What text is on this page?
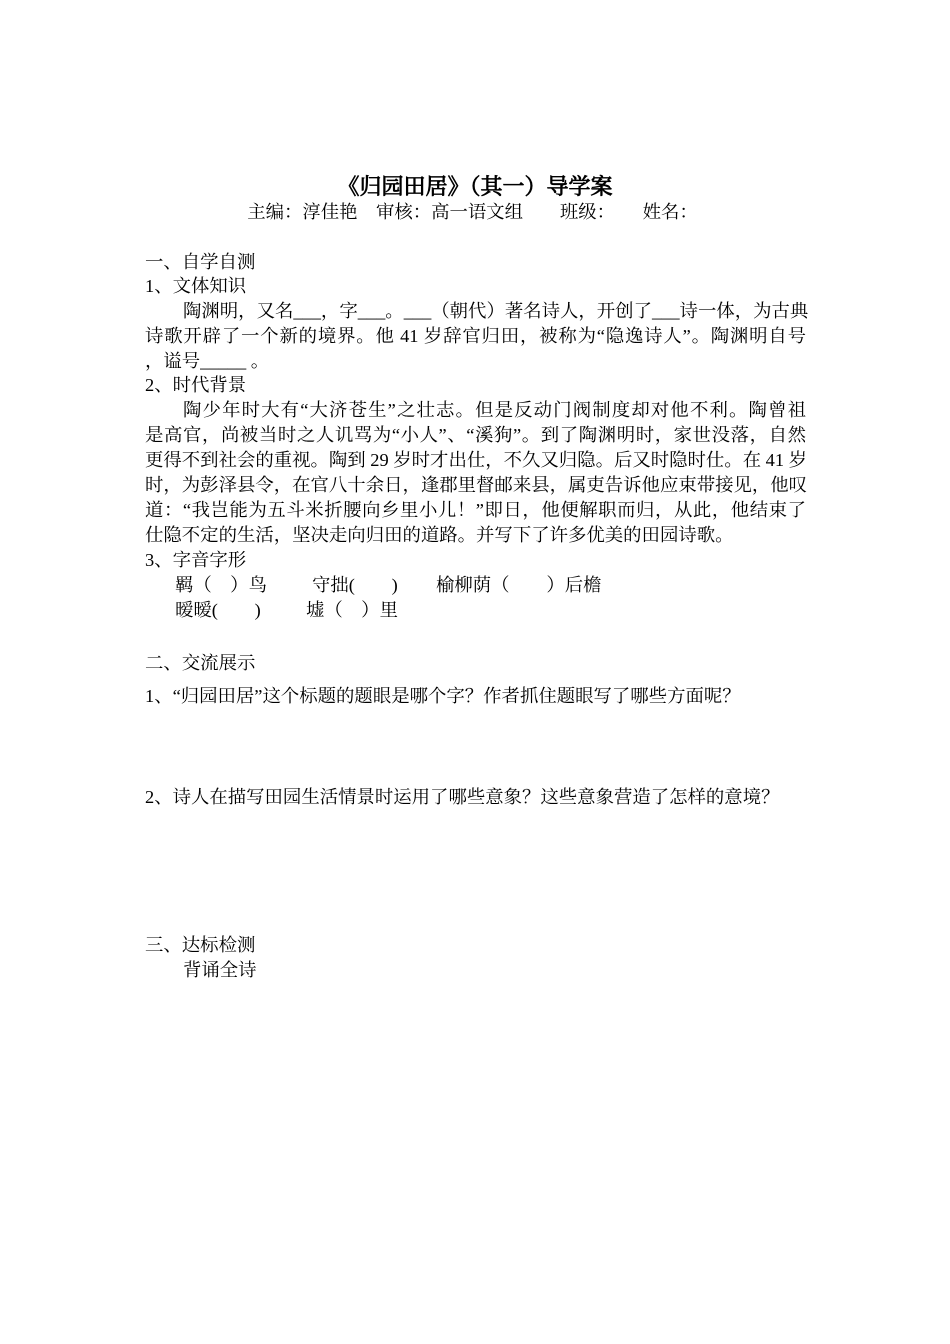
《归园田居》（其一）导学案
主编：淳佳艳　审核：高一语文组　　班级：　　姓名：
一、自学自测
1、文体知识
陶渊明，又名___，字___。___（朝代）著名诗人，开创了___诗一体，为古典
诗歌开辟了一个新的境界。他 41 岁辞官归田，被称为“隐逸诗人”。陶渊明自号
，谥号_____ 。
2、时代背景
陶少年时大有“大济苍生”之壮志。但是反动门阀制度却对他不利。陶曾祖
是高官，尚被当时之人讥骂为“小人”、“溪狗”。到了陶渊明时，家世没落，自然
更得不到社会的重视。陶到 29 岁时才出仕，不久又归隐。后又时隐时仕。在 41 岁
时，为彭泽县令，在官八十余日，逢郡里督邮来县，属吏告诉他应束带接见，他叹
道：“我岂能为五斗米折腰向乡里小儿！”即日，他便解职而归，从此，他结束了
仕隐不定的生活，坚决走向归田的道路。并写下了许多优美的田园诗歌。
3、字音字形
羁（　）鸟 守拙(　　) 榆柳荫（　　）后檐
暧暧(　　) 墟（　）里
二、交流展示
1、“归园田居”这个标题的题眼是哪个字？作者抓住题眼写了哪些方面呢？
2、诗人在描写田园生活情景时运用了哪些意象？这些意象营造了怎样的意境？
三、达标检测
背诵全诗
